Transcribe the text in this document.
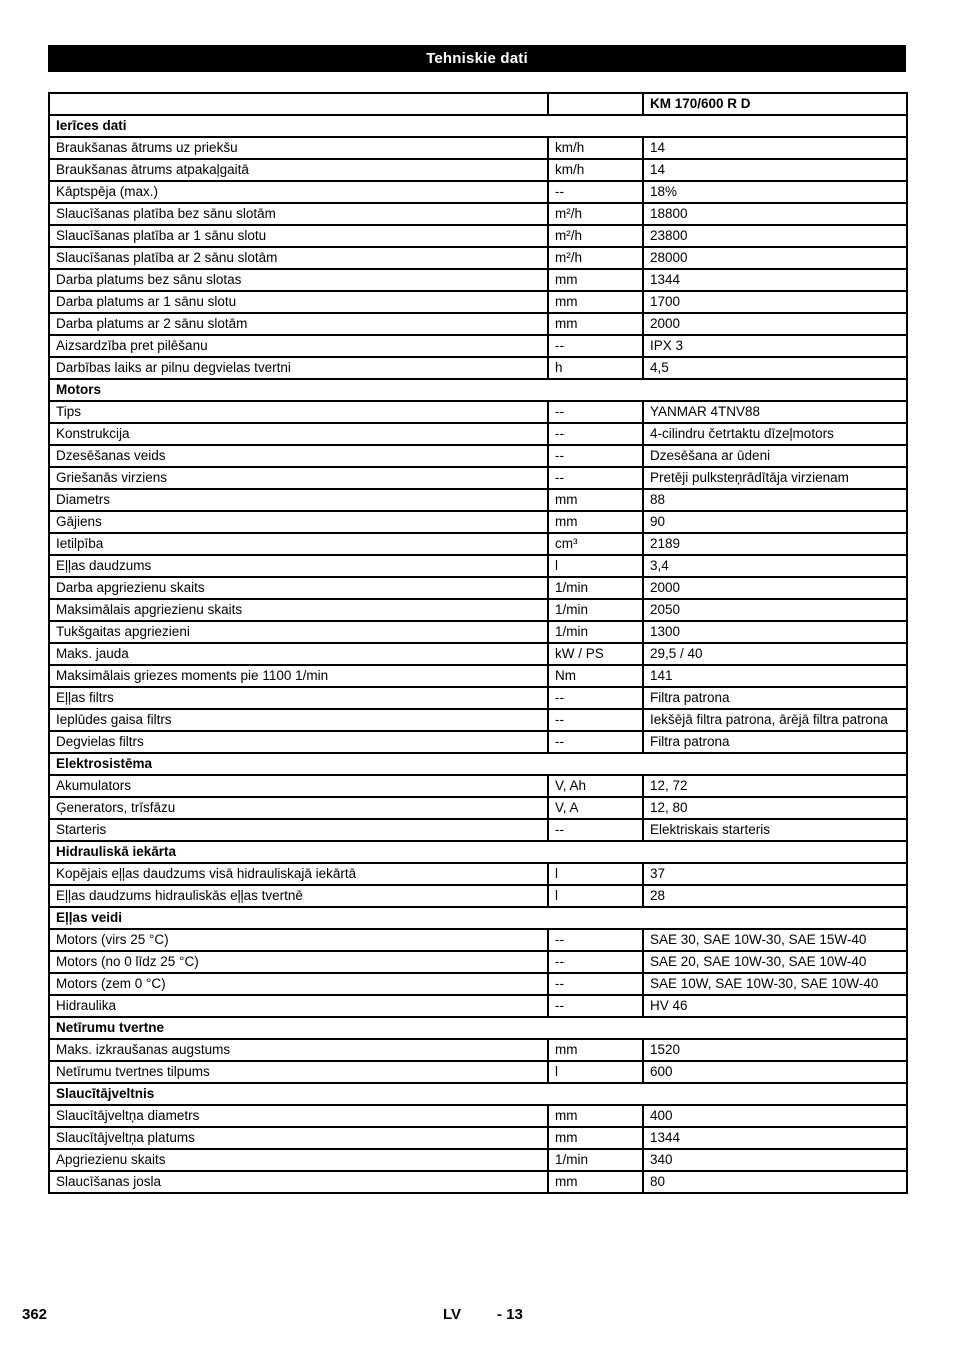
Tehniskie dati
		KM 170/600 R D
Ierīces dati		
Braukšanas ātrums uz priekšu	km/h	14
Braukšanas ātrums atpakaļgaitā	km/h	14
Kāptspēja (max.)	--	18%
Slaucīšanas platība bez sānu slotām	m²/h	18800
Slaucīšanas platība ar 1 sānu slotu	m²/h	23800
Slaucīšanas platība ar 2 sānu slotām	m²/h	28000
Darba platums bez sānu slotas	mm	1344
Darba platums ar 1 sānu slotu	mm	1700
Darba platums ar 2 sānu slotām	mm	2000
Aizsardzība pret pilēšanu	--	IPX 3
Darbības laiks ar pilnu degvielas tvertni	h	4,5
Motors		
Tips	--	YANMAR 4TNV88
Konstrukcija	--	4-cilindru četrtaktu dīzeļmotors
Dzesēšanas veids	--	Dzesēšana ar ūdeni
Griešanās virziens	--	Pretēji pulksteņrādītāja virzienam
Diametrs	mm	88
Gājiens	mm	90
Ietilpība	cm³	2189
Eļļas daudzums	l	3,4
Darba apgriezienu skaits	1/min	2000
Maksimālais apgriezienu skaits	1/min	2050
Tukšgaitas apgriezieni	1/min	1300
Maks. jauda	kW / PS	29,5 / 40
Maksimālais griezes moments pie 1100 1/min	Nm	141
Eļļas filtrs	--	Filtra patrona
Ieplūdes gaisa filtrs	--	Iekšējā filtra patrona, ārējā filtra patrona
Degvielas filtrs	--	Filtra patrona
Elektrosistēma		
Akumulators	V, Ah	12, 72
Ģenerators, trīsfāzu	V, A	12, 80
Starteris	--	Elektriskais starteris
Hidrauliskā iekārta		
Kopējais eļļas daudzums visā hidrauliskajā iekārtā	l	37
Eļļas daudzums hidrauliskās eļļas tvertnē	l	28
Eļļas veidi		
Motors (virs 25 °C)	--	SAE 30, SAE 10W-30, SAE 15W-40
Motors (no 0 līdz 25 °C)	--	SAE 20, SAE 10W-30, SAE 10W-40
Motors (zem 0 °C)	--	SAE 10W, SAE 10W-30, SAE 10W-40
Hidraulika	--	HV 46
Netīrumu tvertne		
Maks. izkraušanas augstums	mm	1520
Netīrumu tvertnes tilpums	l	600
Slaucītājveltnis		
Slaucītājveltņa diametrs	mm	400
Slaucītājveltņa platums	mm	1344
Apgriezienu skaits	1/min	340
Slaucīšanas josla	mm	80
362	LV - 13
